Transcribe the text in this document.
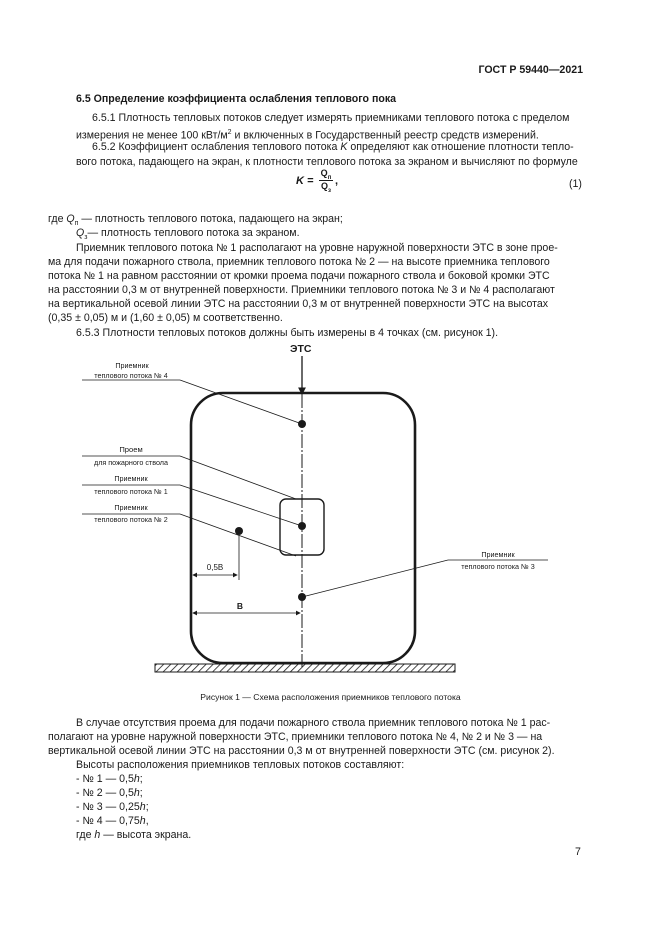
ГОСТ Р 59440—2021
6.5 Определение коэффициента ослабления теплового пока
6.5.1 Плотность тепловых потоков следует измерять приемниками теплового потока с пределом
измерения не менее 100 кВт/$м^2$ и включенных в Государственный реестр средств измерений.
6.5.2 Коэффициент ослабления теплового потока K определяют как отношение плотности тепло-
вого потока, падающего на экран, к плотности теплового потока за экраном и вычисляют по формуле
K =
$Q_п$
$Q_з$
,	(1)
где $Q_п$ — плотность теплового потока, падающего на экран;
$Q_з—$ плотность теплового потока за экраном.
Приемник теплового потока № 1 располагают на уровне наружной поверхности ЭТС в зоне прое-
ма для подачи пожарного ствола, приемник теплового потока № 2 — на высоте приемника теплового
потока № 1 на равном расстоянии от кромки проема подачи пожарного ствола и боковой кромки ЭТС
на расстоянии 0,3 м от внутренней поверхности. Приемники теплового потока № 3 и № 4 располагают
на вертикальной осевой линии ЭТС на расстоянии 0,3 м от внутренней поверхности ЭТС на высотах
(0,35 ± 0,05) м и (1,60 ± 0,05) м соответственно.
6.5.3 Плотности тепловых потоков должны быть измерены в 4 точках (см. рисунок 1).
ЭТС
Приемник
теплового потока № 4
Проем
для пожарного ствола
Приемник
теплового потока № 1
Приемник
теплового потока № 2
Приемник
теплового потока № 3
0,5B
B
Рисунок 1 — Схема расположения приемников теплового потока
В случае отсутствия проема для подачи пожарного ствола приемник теплового потока № 1 рас-
полагают на уровне наружной поверхности ЭТС, приемники теплового потока № 4, № 2 и № 3 — на
вертикальной осевой линии ЭТС на расстоянии 0,3 м от внутренней поверхности ЭТС (см. рисунок 2).
Высоты расположения приемников тепловых потоков составляют:
- № 1 — 0,5h;
- № 2 — 0,5h;
- № 3 — 0,25h;
- № 4 — 0,75h,
где h — высота экрана.
7
